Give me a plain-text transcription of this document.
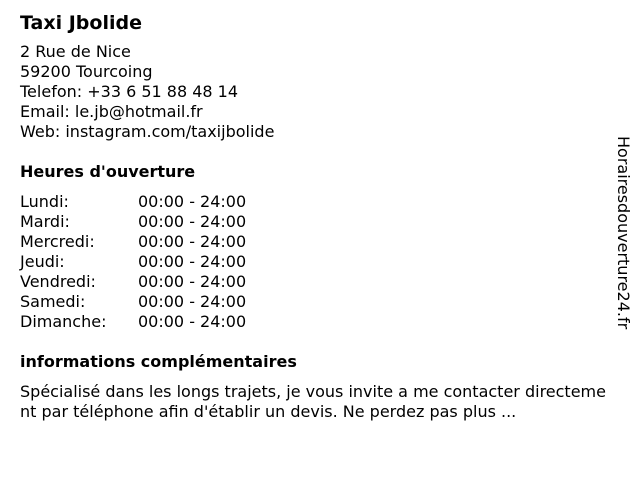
Taxi Jbolide
2 Rue de Nice
59200 Tourcoing
Telefon: +33 6 51 88 48 14
Email: le.jb@hotmail.fr
Web: instagram.com/taxijbolide
Heures d'ouverture
Lundi:	00:00 - 24:00
Mardi:	00:00 - 24:00
Mercredi:	00:00 - 24:00
Jeudi:	00:00 - 24:00
Vendredi:	00:00 - 24:00
Samedi:	00:00 - 24:00
Dimanche:	00:00 - 24:00
informations complémentaires
Spécialisé dans les longs trajets, je vous invite a me contacter directement par téléphone afin d'établir un devis. Ne perdez pas plus ...
Horairesdouverture24.fr
